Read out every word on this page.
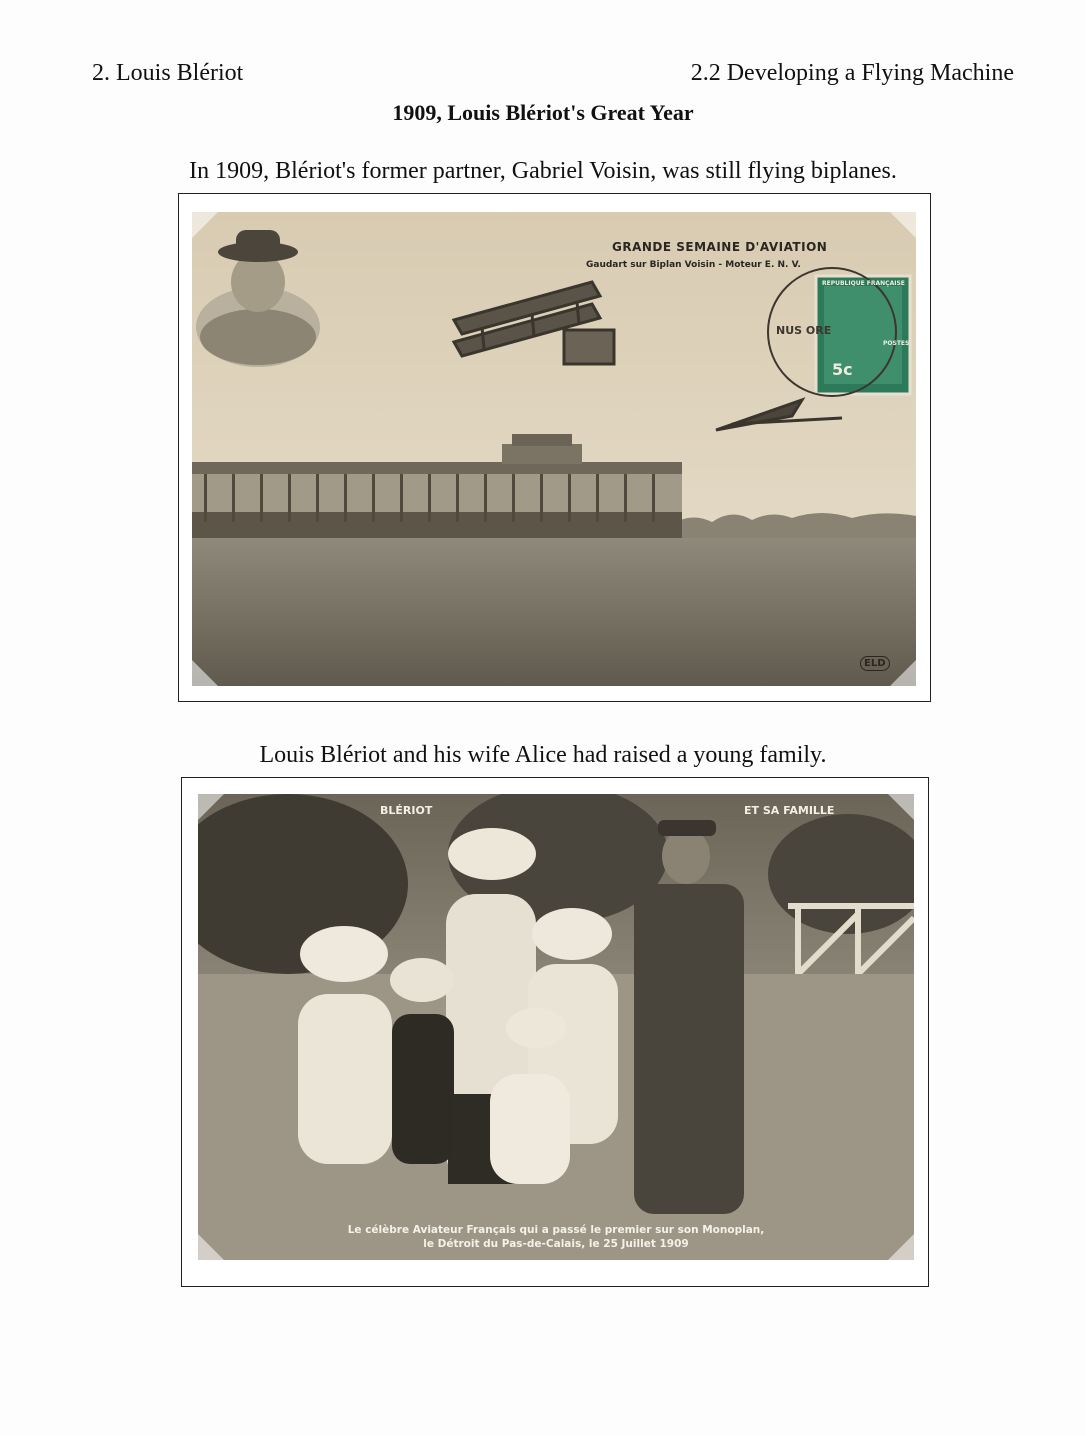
2. Louis Blériot	2.2 Developing a Flying Machine
1909, Louis Blériot's Great Year
In 1909, Blériot's former partner, Gabriel Voisin, was still flying biplanes.
GRANDE SEMAINE D'AVIATION
Gaudart sur Biplan Voisin - Moteur E. N. V.
REPUBLIQUE FRANÇAISE
5c
POSTES
NUS ORE
ELD
Louis Blériot and his wife Alice had raised a young family.
BLÉRIOT	ET SA FAMILLE
Le célèbre Aviateur Français qui a passé le premier sur son Monoplan,
le Détroit du Pas-de-Calais, le 25 Juillet 1909
